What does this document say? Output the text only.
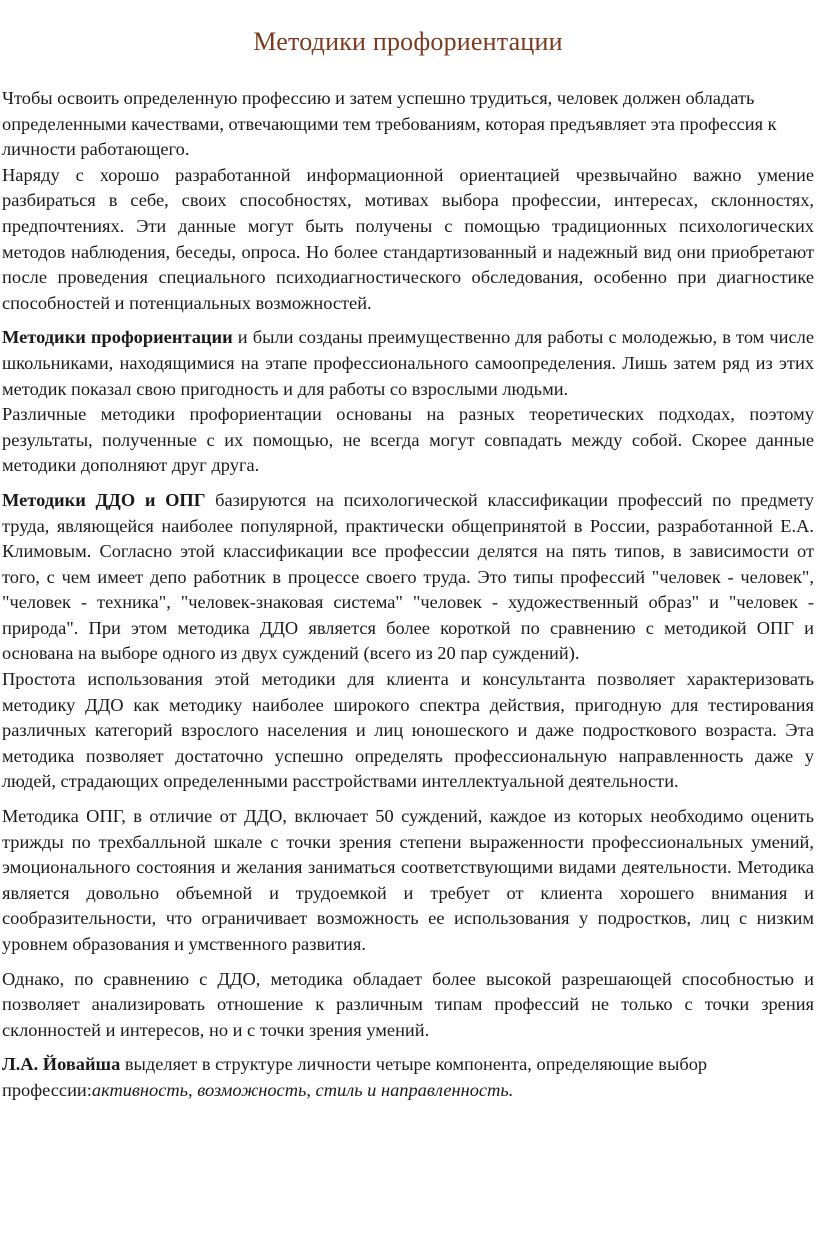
Методики профориентации

Чтобы освоить определенную профессию и затем успешно трудиться, человек должен обладать определенными качествами, отвечающими тем требованиям, которая предъявляет эта профессия к личности работающего.

Наряду с хорошо разработанной информационной ориентацией чрезвычайно важно умение разбираться в себе, своих способностях, мотивах выбора профессии, интересах, склонностях, предпочтениях. Эти данные могут быть получены с помощью традиционных психологических методов наблюдения, беседы, опроса. Но более стандартизованный и надежный вид они приобретают после проведения специального психодиагностического обследования, особенно при диагностике способностей и потенциальных возможностей.

Методики профориентации и были созданы преимущественно для работы с молодежью, в том числе школьниками, находящимися на этапе профессионального самоопределения. Лишь затем ряд из этих методик показал свою пригодность и для работы со взрослыми людьми.

Различные методики профориентации основаны на разных теоретических подходах, поэтому результаты, полученные с их помощью, не всегда могут совпадать между собой. Скорее данные методики дополняют друг друга.

Методики ДДО и ОПГ базируются на психологической классификации профессий по предмету труда, являющейся наиболее популярной, практически общепринятой в России, разработанной Е.А. Климовым. Согласно этой классификации все профессии делятся на пять типов, в зависимости от того, с чем имеет депо работник в процессе своего труда. Это типы профессий "человек - человек", "человек - техника", "человек-знаковая система" "человек - художественный образ" и "человек - природа". При этом методика ДДО является более короткой по сравнению с методикой ОПГ и основана на выборе одного из двух суждений (всего из 20 пар суждений).

Простота использования этой методики для клиента и консультанта позволяет характеризовать методику ДДО как методику наиболее широкого спектра действия, пригодную для тестирования различных категорий взрослого населения и лиц юношеского и даже подросткового возраста. Эта методика позволяет достаточно успешно определять профессиональную направленность даже у людей, страдающих определенными расстройствами интеллектуальной деятельности.

Методика ОПГ, в отличие от ДДО, включает 50 суждений, каждое из которых необходимо оценить трижды по трехбалльной шкале с точки зрения степени выраженности профессиональных умений, эмоционального состояния и желания заниматься соответствующими видами деятельности. Методика является довольно объемной и трудоемкой и требует от клиента хорошего внимания и сообразительности, что ограничивает возможность ее использования у подростков, лиц с низким уровнем образования и умственного развития.

Однако, по сравнению с ДДО, методика обладает более высокой разрешающей способностью и позволяет анализировать отношение к различным типам профессий не только с точки зрения склонностей и интересов, но и с точки зрения умений.

Л.А. Йовайша выделяет в структуре личности четыре компонента, определяющие выбор профессии:активность, возможность, стиль и направленность.
